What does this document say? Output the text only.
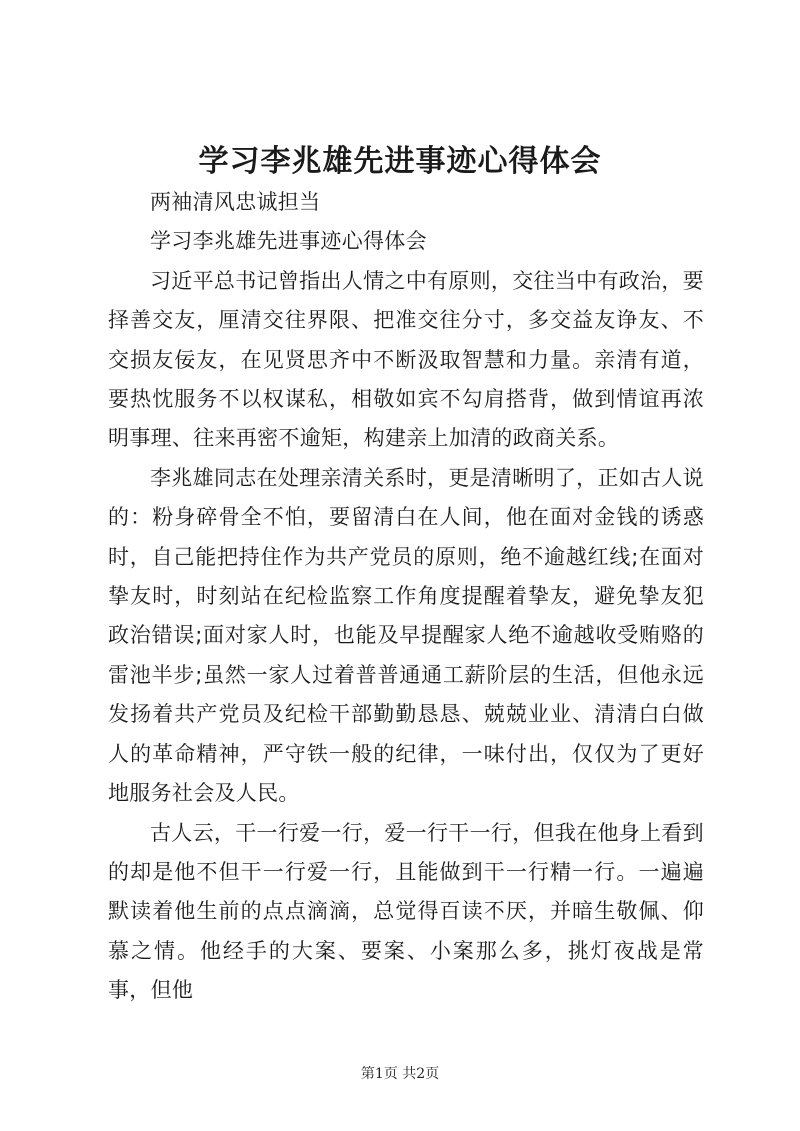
学习李兆雄先进事迹心得体会

两袖清风忠诚担当

学习李兆雄先进事迹心得体会

习近平总书记曾指出人情之中有原则，交往当中有政治，要择善交友，厘清交往界限、把准交往分寸，多交益友诤友、不交损友佞友，在见贤思齐中不断汲取智慧和力量。亲清有道，要热忱服务不以权谋私，相敬如宾不勾肩搭背，做到情谊再浓明事理、往来再密不逾矩，构建亲上加清的政商关系。

李兆雄同志在处理亲清关系时，更是清晰明了，正如古人说的：粉身碎骨全不怕，要留清白在人间，他在面对金钱的诱惑时，自己能把持住作为共产党员的原则，绝不逾越红线;在面对挚友时，时刻站在纪检监察工作角度提醒着挚友，避免挚友犯政治错误;面对家人时，也能及早提醒家人绝不逾越收受贿赂的雷池半步;虽然一家人过着普普通通工薪阶层的生活，但他永远发扬着共产党员及纪检干部勤勤恳恳、兢兢业业、清清白白做人的革命精神，严守铁一般的纪律，一味付出，仅仅为了更好地服务社会及人民。

古人云，干一行爱一行，爱一行干一行，但我在他身上看到的却是他不但干一行爱一行，且能做到干一行精一行。一遍遍默读着他生前的点点滴滴，总觉得百读不厌，并暗生敬佩、仰慕之情。他经手的大案、要案、小案那么多，挑灯夜战是常事，但他

第1页 共2页
